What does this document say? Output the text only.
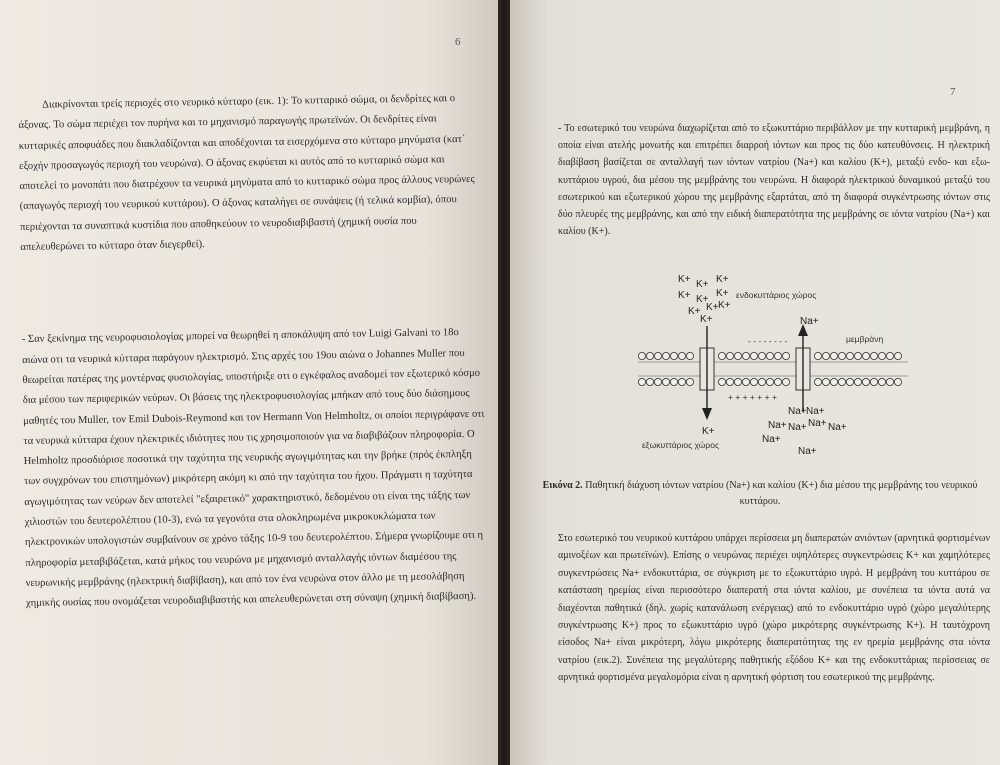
6

Διακρίνονται τρείς περιοχές στο νευρικό κύτταρο (εικ. 1): Το κυτταρικό σώμα, οι δενδρίτες και ο άξονας. Το σώμα περιέχει τον πυρήνα και το μηχανισμό παραγωγής πρωτεϊνών. Οι δενδρίτες είναι κυτταρικές αποφυάδες που διακλαδίζονται και αποδέχονται τα εισερχόμενα στο κύτταρο μηνύματα (κατ΄ εξοχήν προσαγωγός περιοχή του νευρώνα). Ο άξονας εκφύεται κι αυτός από το κυτταρικό σώμα και αποτελεί το μονοπάτι που διατρέχουν τα νευρικά μηνύματα από το κυτταρικό σώμα προς άλλους νευρώνες (απαγωγός περιοχή του νευρικού κυττάρου). Ο άξονας καταλήγει σε συνάψεις (ή τελικά κομβία), όπου περιέχονται τα συναπτικά κυστίδια που αποθηκεύουν το νευροδιαβιβαστή (χημική ουσία που απελευθερώνει το κύτταρο όταν διεγερθεί).

- Σαν ξεκίνημα της νευροφυσιολογίας μπορεί να θεωρηθεί η αποκάλυψη από τον Luigi Galvani το 18ο αιώνα οτι τα νευρικά κύτταρα παράγουν ηλεκτρισμό. Στις αρχές του 19ου αιώνα ο Johannes Muller που θεωρείται πατέρας της μοντέρνας φυσιολογίας, υποστήριξε οτι ο εγκέφαλος αναδομεί τον εξωτερικό κόσμο δια μέσου των περιφερικών νεύρων. Οι βάσεις της ηλεκτροφυσιολογίας μπήκαν από τους δύο διάσημους μαθητές του Muller, τον Emil Dubois-Reymond και τον Hermann Von Helmholtz, οι οποίοι περιγράφανε οτι τα νευρικά κύτταρα έχουν ηλεκτρικές ιδιότητες που τις χρησιμοποιούν για να διαβιβάζουν πληροφορία. Ο Helmholtz προσδιόρισε ποσοτικά την ταχύτητα της νευρικής αγωγιμότητας και την βρήκε (πρός έκπληξη των συγχρόνων του επιστημόνων) μικρότερη ακόμη κι από την ταχύτητα του ήχου. Πράγματι η ταχύτητα αγωγιμότητας των νεύρων δεν αποτελεί "εξαιρετικό" χαρακτηριστικό, δεδομένου οτι είναι της τάξης των χιλιοστών του δευτερολέπτου (10-3), ενώ τα γεγονότα στα ολοκληρωμένα μικροκυκλώματα των ηλεκτρονικών υπολογιστών συμβαίνουν σε χρόνο τάξης 10-9 του δευτερολέπτου. Σήμερα γνωρίζουμε οτι η πληροφορία μεταβιβάζεται, κατά μήκος του νευρώνα με μηχανισμό ανταλλαγής ιόντων διαμέσου της νευρωνικής μεμβράνης (ηλεκτρική διαβίβαση), και από τον ένα νευρώνα στον άλλο με τη μεσολάβηση χημικής ουσίας που ονομάζεται νευροδιαβιβαστής και απελευθερώνεται στη σύναψη (χημική διαβίβαση).

7
- Το εσωτερικό του νευρώνα διαχωρίζεται από το εξωκυττάριο περιβάλλον με την κυτταρική μεμβράνη, η οποία είναι ατελής μονωτής και επιτρέπει διαρροή ιόντων και προς τις δύο κατευθύνσεις. Η ηλεκτρική διαβίβαση βασίζεται σε ανταλλαγή των ιόντων νατρίου (Na+) και καλίου (K+), μεταξύ ενδο- και εξω- κυττάριου υγρού, δια μέσου της μεμβράνης του νευρώνα. Η διαφορά ηλεκτρικού δυναμικού μεταξύ του εσωτερικού και εξωτερικού χώρου της μεμβράνης εξαρτάται, από τη διαφορά συγκέντρωσης ιόντων στις δύο πλευρές της μεμβράνης, και από την ειδική διαπερατότητα της μεμβράνης σε ιόντα νατρίου (Na+) και καλίου (K+).
K+ K+ K+
K+ K+
K+
K+ K+ K+
K+
ενδοκυττάριος χώρος
Na+
μεμβράνη
- - - - - - - -
+ + + + + + +
K+
εξωκυττάριος χώρος
Na+ Na+
Na+ Na+ Na+ Na+
Na+
Na+
Εικόνα 2. Παθητική διάχυση ιόντων νατρίου (Na+) και καλίου (K+) δια μέσου της μεμβράνης του νευρικού κυττάρου.
Στο εσωτερικό του νευρικού κυττάρου υπάρχει περίσσεια μη διαπερατών ανιόντων (αρνητικά φορτισμένων αμινοξέων και πρωτεϊνών). Επίσης ο νευρώνας περιέχει υψηλότερες συγκεντρώσεις K+ και χαμηλότερες συγκεντρώσεις Na+ ενδοκυττάρια, σε σύγκριση με το εξωκυττάριο υγρό. Η μεμβράνη του κυττάρου σε κατάσταση ηρεμίας είναι περισσότερο διαπερατή στα ιόντα καλίου, με συνέπεια τα ιόντα αυτά να διαχέονται παθητικά (δηλ. χωρίς κατανάλωση ενέργειας) από το ενδοκυττάριο υγρό (χώρο μεγαλύτερης συγκέντρωσης K+) προς το εξωκυττάριο υγρό (χώρο μικρότερης συγκέντρωσης K+). Η ταυτόχρονη είσοδος Na+ είναι μικρότερη, λόγω μικρότερης διαπερατότητας της εν ηρεμία μεμβράνης στα ιόντα νατρίου (εικ.2). Συνέπεια της μεγαλύτερης παθητικής εξόδου K+ και της ενδοκυττάριας περίσσειας σε αρνητικά φορτισμένα μεγαλομόρια είναι η αρνητική φόρτιση του εσωτερικού της μεμβράνης.
